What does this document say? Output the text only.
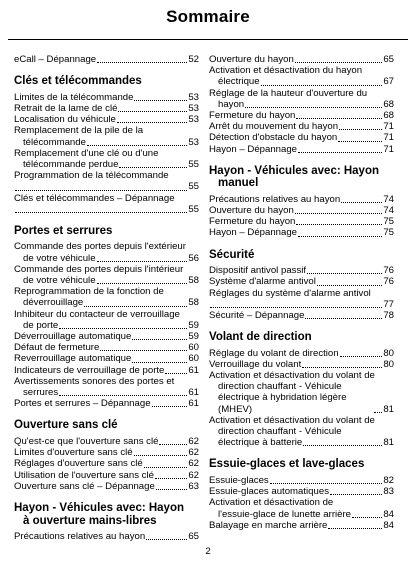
Sommaire
eCall – Dépannage	52
Clés et télécommandes
Limites de la télécommande	53
Retrait de la lame de clé	53
Localisation du véhicule	53
Remplacement de la pile de la
télécommande	53
Remplacement d'une clé ou d'une
télécommande perdue	55
Programmation de la télécommande
55
Clés et télécommandes – Dépannage
55
Portes et serrures
Commande des portes depuis l'extérieur
de votre véhicule	56
Commande des portes depuis l'intérieur
de votre véhicule	58
Reprogrammation de la fonction de
déverrouillage	58
Inhibiteur du contacteur de verrouillage
de porte	59
Déverrouillage automatique	59
Défaut de fermeture	60
Reverrouillage automatique	60
Indicateurs de verrouillage de porte 61
Avertissements sonores des portes et
serrures	61
Portes et serrures – Dépannage	61
Ouverture sans clé
Qu'est-ce que l'ouverture sans clé	62
Limites d'ouverture sans clé	62
Réglages d'ouverture sans clé	62
Utilisation de l'ouverture sans clé	62
Ouverture sans clé – Dépannage	63
Hayon - Véhicules avec: Hayon
à ouverture mains-libres
Précautions relatives au hayon	65
Ouverture du hayon	65
Activation et désactivation du hayon
électrique	67
Réglage de la hauteur d'ouverture du
hayon	68
Fermeture du hayon	68
Arrêt du mouvement du hayon	71
Détection d'obstacle du hayon	71
Hayon – Dépannage	71
Hayon - Véhicules avec: Hayon
manuel
Précautions relatives au hayon	74
Ouverture du hayon	74
Fermeture du hayon	75
Hayon – Dépannage	75
Sécurité
Dispositif antivol passif	76
Système d'alarme antivol	76
Réglages du système d'alarme antivol
77
Sécurité – Dépannage	78
Volant de direction
Réglage du volant de direction	80
Verrouillage du volant	80
Activation et désactivation du volant de
direction chauffant - Véhicule
électrique à hybridation légère (MHEV)	81
Activation et désactivation du volant de
direction chauffant - Véhicule
électrique à batterie	81
Essuie-glaces et lave-glaces
Essuie-glaces	82
Essuie-glaces automatiques	83
Activation et désactivation de
l'essuie-glace de lunette arrière	84
Balayage en marche arrière	84
2
